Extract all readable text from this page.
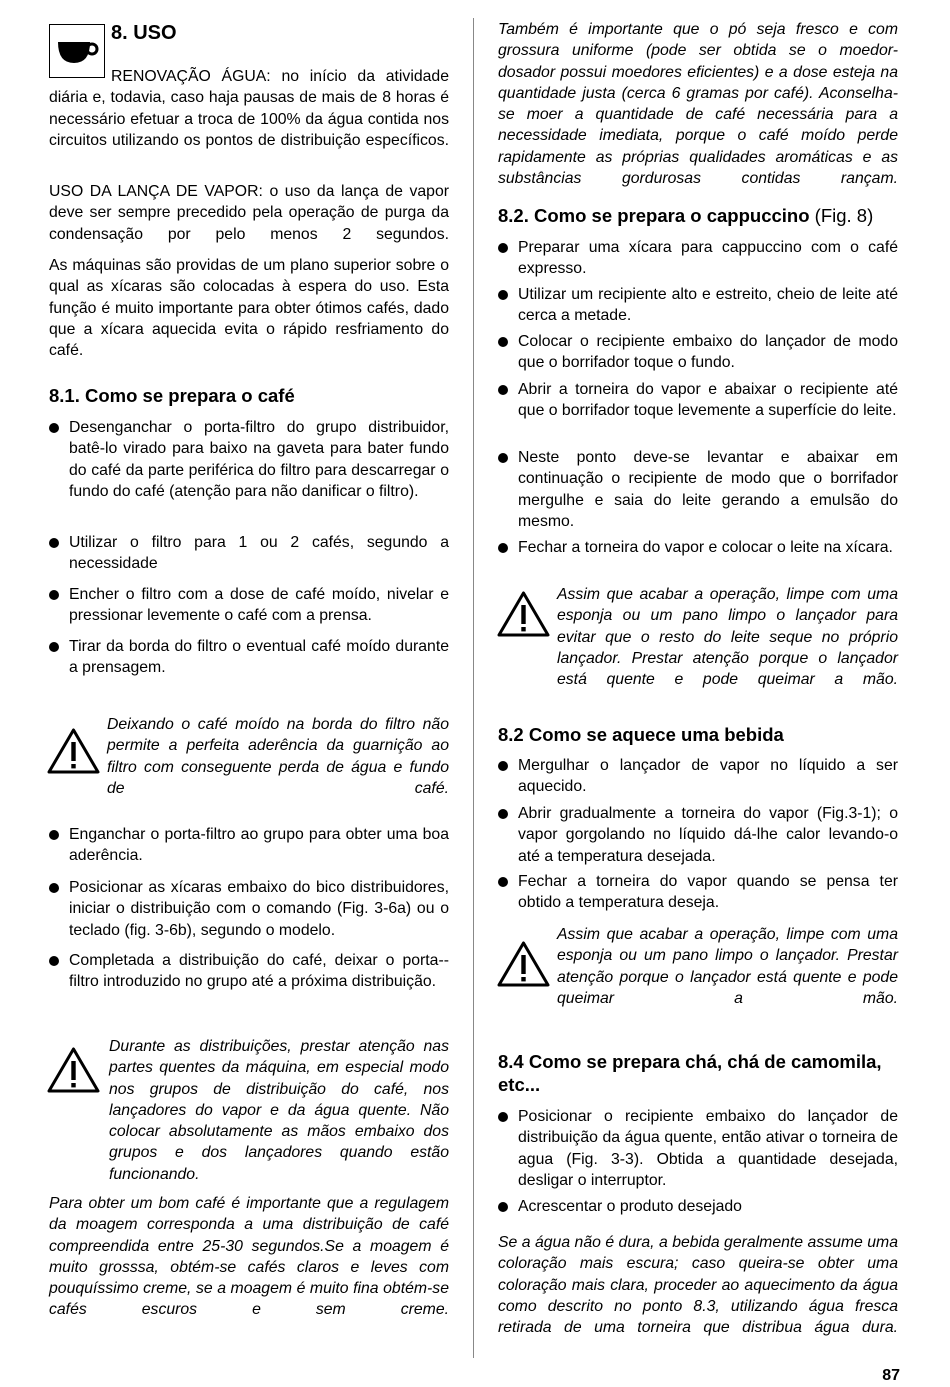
8. USO
RENOVAÇÃO ÁGUA: no início da atividade diária e, todavia, caso haja pausas de mais de 8 horas é necessário efetuar a troca de 100% da água contida nos circuitos utilizando os pontos de distribuição específicos.
USO DA LANÇA DE VAPOR: o uso da lança de vapor deve ser sempre precedido pela operação de purga da condensação por pelo menos 2 segundos.
As máquinas são providas de um plano superior sobre o qual as xícaras são colocadas à espera do uso. Esta função é muito importante para obter ótimos cafés, dado que a xícara aquecida evita o rápido resfriamento do café.
8.1. Como se prepara o café
Desenganchar o porta-filtro do grupo distribuidor, batê-lo virado para baixo na gaveta para bater fundo do café da parte periférica do filtro para descarregar o fundo do café (atenção para não danificar o filtro).
Utilizar o filtro para 1 ou 2 cafés, segundo a necessidade
Encher o filtro com a dose de café moído, nivelar e pressionar levemente o café com a prensa.
Tirar da borda do filtro o eventual café moído durante a prensagem.
Deixando o café moído na borda do filtro não permite a perfeita aderência da guarnição ao filtro com conseguente perda de água e fundo de café.
Enganchar o porta-filtro ao grupo para obter uma boa aderência.
Posicionar as xícaras embaixo do bico distribuidores, iniciar o distribuição com o comando (Fig. 3-6a) ou o teclado (fig. 3-6b), segundo o modelo.
Completada a distribuição do café, deixar o porta--filtro introduzido no grupo até a próxima distribuição.
Durante as distribuições, prestar atenção nas partes quentes da máquina, em especial modo nos grupos de distribuição do café, nos lançadores do vapor e da água quente. Não colocar absolutamente as mãos embaixo dos grupos e dos lançadores quando estão funcionando.
Para obter um bom café é importante que a regulagem da moagem corresponda a uma distribuição de café compreendida entre 25-30 segundos.Se a moagem é muito grosssa, obtém-se cafés claros e leves com pouquíssimo creme, se a moagem é muito fina obtém-se cafés escuros e sem creme.
Também é importante que o pó seja fresco e com grossura uniforme (pode ser obtida se o moedor-dosador possui moedores eficientes) e a dose esteja na quantidade justa (cerca 6 gramas por café). Aconselha-se moer a quantidade de café necessária para a necessidade imediata, porque o café moído perde rapidamente as próprias qualidades aromáticas e as substâncias gordurosas contidas rançam.
8.2. Como se prepara o cappuccino (Fig. 8)
Preparar uma xícara para cappuccino com o café expresso.
Utilizar um recipiente alto e estreito, cheio de leite até cerca a metade.
Colocar o recipiente embaixo do lançador de modo que o borrifador toque o fundo.
Abrir a torneira do vapor e abaixar o recipiente até que o borrifador toque levemente a superfície do leite.
Neste ponto deve-se levantar e abaixar em continuação o recipiente de modo que o borrifador mergulhe e saia do leite gerando a emulsão do mesmo.
Fechar a torneira do vapor e colocar o leite na xícara.
Assim que acabar a operação, limpe com uma esponja ou um pano limpo o lançador para evitar que o resto do leite seque no próprio lançador. Prestar atenção porque o lançador está quente e pode queimar a mão.
8.2 Como se aquece uma bebida
Mergulhar o lançador de vapor no líquido a ser aquecido.
Abrir gradualmente a torneira do vapor (Fig.3-1); o vapor gorgolando no líquido dá-lhe calor levando-o até a temperatura desejada.
Fechar a torneira do vapor quando se pensa ter obtido a temperatura deseja.
Assim que acabar a operação, limpe com uma esponja ou um pano limpo o lançador. Prestar atenção porque o lançador está quente e pode queimar a mão.
8.4 Como se prepara chá, chá de camomila, etc...
Posicionar o recipiente embaixo do lançador de distribuição da água quente, então ativar o torneira de agua (Fig. 3-3). Obtida a quantidade desejada, desligar o interruptor.
Acrescentar o produto desejado
Se a água não é dura, a bebida geralmente assume uma coloração mais escura; caso queira-se obter uma coloração mais clara, proceder ao aquecimento da água como descrito no ponto 8.3, utilizando água fresca retirada de uma torneira que distribua água dura.
87
